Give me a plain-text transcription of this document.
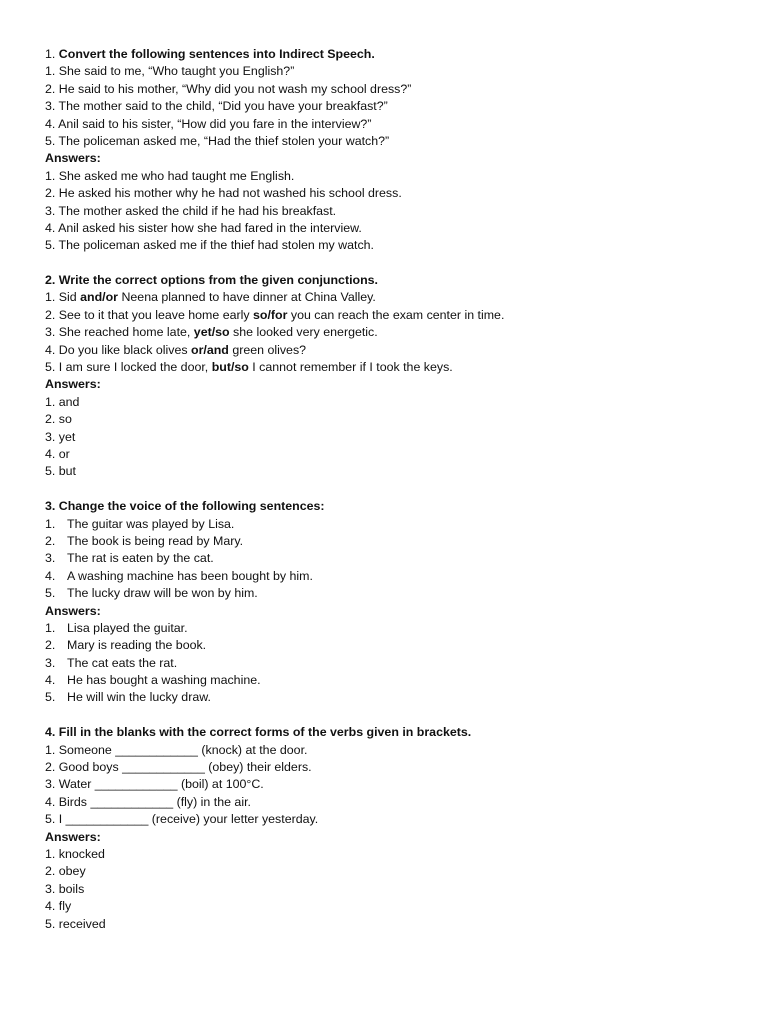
1. Convert the following sentences into Indirect Speech.
1. She said to me, “Who taught you English?”
2. He said to his mother, “Why did you not wash my school dress?”
3. The mother said to the child, “Did you have your breakfast?”
4. Anil said to his sister, “How did you fare in the interview?”
5. The policeman asked me, “Had the thief stolen your watch?”
Answers:
1. She asked me who had taught me English.
2. He asked his mother why he had not washed his school dress.
3. The mother asked the child if he had his breakfast.
4. Anil asked his sister how she had fared in the interview.
5. The policeman asked me if the thief had stolen my watch.
2. Write the correct options from the given conjunctions.
1. Sid and/or Neena planned to have dinner at China Valley.
2. See to it that you leave home early so/for you can reach the exam center in time.
3. She reached home late, yet/so she looked very energetic.
4. Do you like black olives or/and green olives?
5. I am sure I locked the door, but/so I cannot remember if I took the keys.
Answers:
1. and
2. so
3. yet
4. or
5. but
3. Change the voice of the following sentences:
1. The guitar was played by Lisa.
2. The book is being read by Mary.
3. The rat is eaten by the cat.
4. A washing machine has been bought by him.
5. The lucky draw will be won by him.
Answers:
1. Lisa played the guitar.
2. Mary is reading the book.
3. The cat eats the rat.
4. He has bought a washing machine.
5. He will win the lucky draw.
4. Fill in the blanks with the correct forms of the verbs given in brackets.
1. Someone ____________ (knock) at the door.
2. Good boys ____________ (obey) their elders.
3. Water ____________ (boil) at 100°C.
4. Birds ____________ (fly) in the air.
5. I ____________ (receive) your letter yesterday.
Answers:
1. knocked
2. obey
3. boils
4. fly
5. received
